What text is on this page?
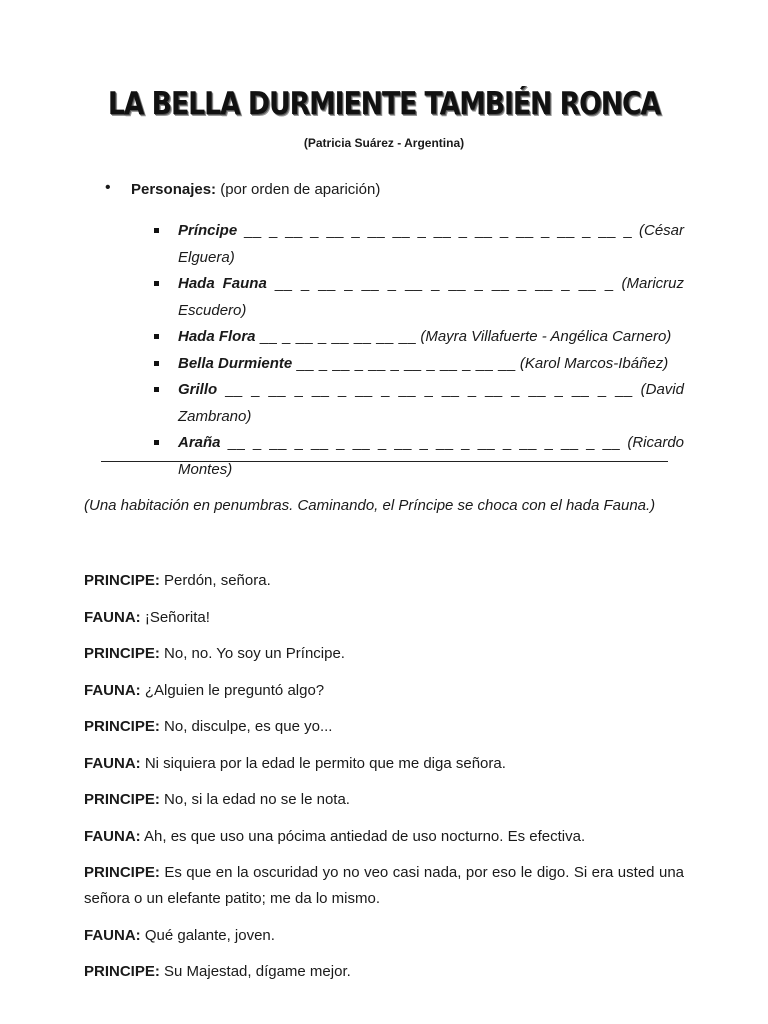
LA BELLA DURMIENTE TAMBIÉN RONCA
(Patricia Suárez - Argentina)
• Personajes: (por orden de aparición)
Príncipe __ _ __ _ __ _ __ __ _ __ _ __ _ __ _ __ _ __ _ (César Elguera)
Hada Fauna __ _ __ _ __ _ __ _ __ _ __ _ __ _ __ _ (Maricruz Escudero)
Hada Flora __ _ __ _ __ __ __ __ (Mayra Villafuerte - Angélica Carnero)
Bella Durmiente __ _ __ _ __ _ __ _ __ _ __ __ (Karol Marcos-Ibáñez)
Grillo __ _ __ _ __ _ __ _ __ _ __ _ __ _ __ _ __ _ __ (David Zambrano)
Araña __ _ __ _ __ _ __ _ __ _ __ _ __ _ __ _ __ _ __ (Ricardo Montes)
(Una habitación en penumbras. Caminando, el Príncipe se choca con el hada Fauna.)
PRINCIPE: Perdón, señora.
FAUNA: ¡Señorita!
PRINCIPE: No, no. Yo soy un Príncipe.
FAUNA: ¿Alguien le preguntó algo?
PRINCIPE: No, disculpe, es que yo...
FAUNA: Ni siquiera por la edad le permito que me diga señora.
PRINCIPE: No, si la edad no se le nota.
FAUNA: Ah, es que uso una pócima antiedad de uso nocturno. Es efectiva.
PRINCIPE: Es que en la oscuridad yo no veo casi nada, por eso le digo. Si era usted una señora o un elefante patito; me da lo mismo.
FAUNA: Qué galante, joven.
PRINCIPE: Su Majestad, dígame mejor.
